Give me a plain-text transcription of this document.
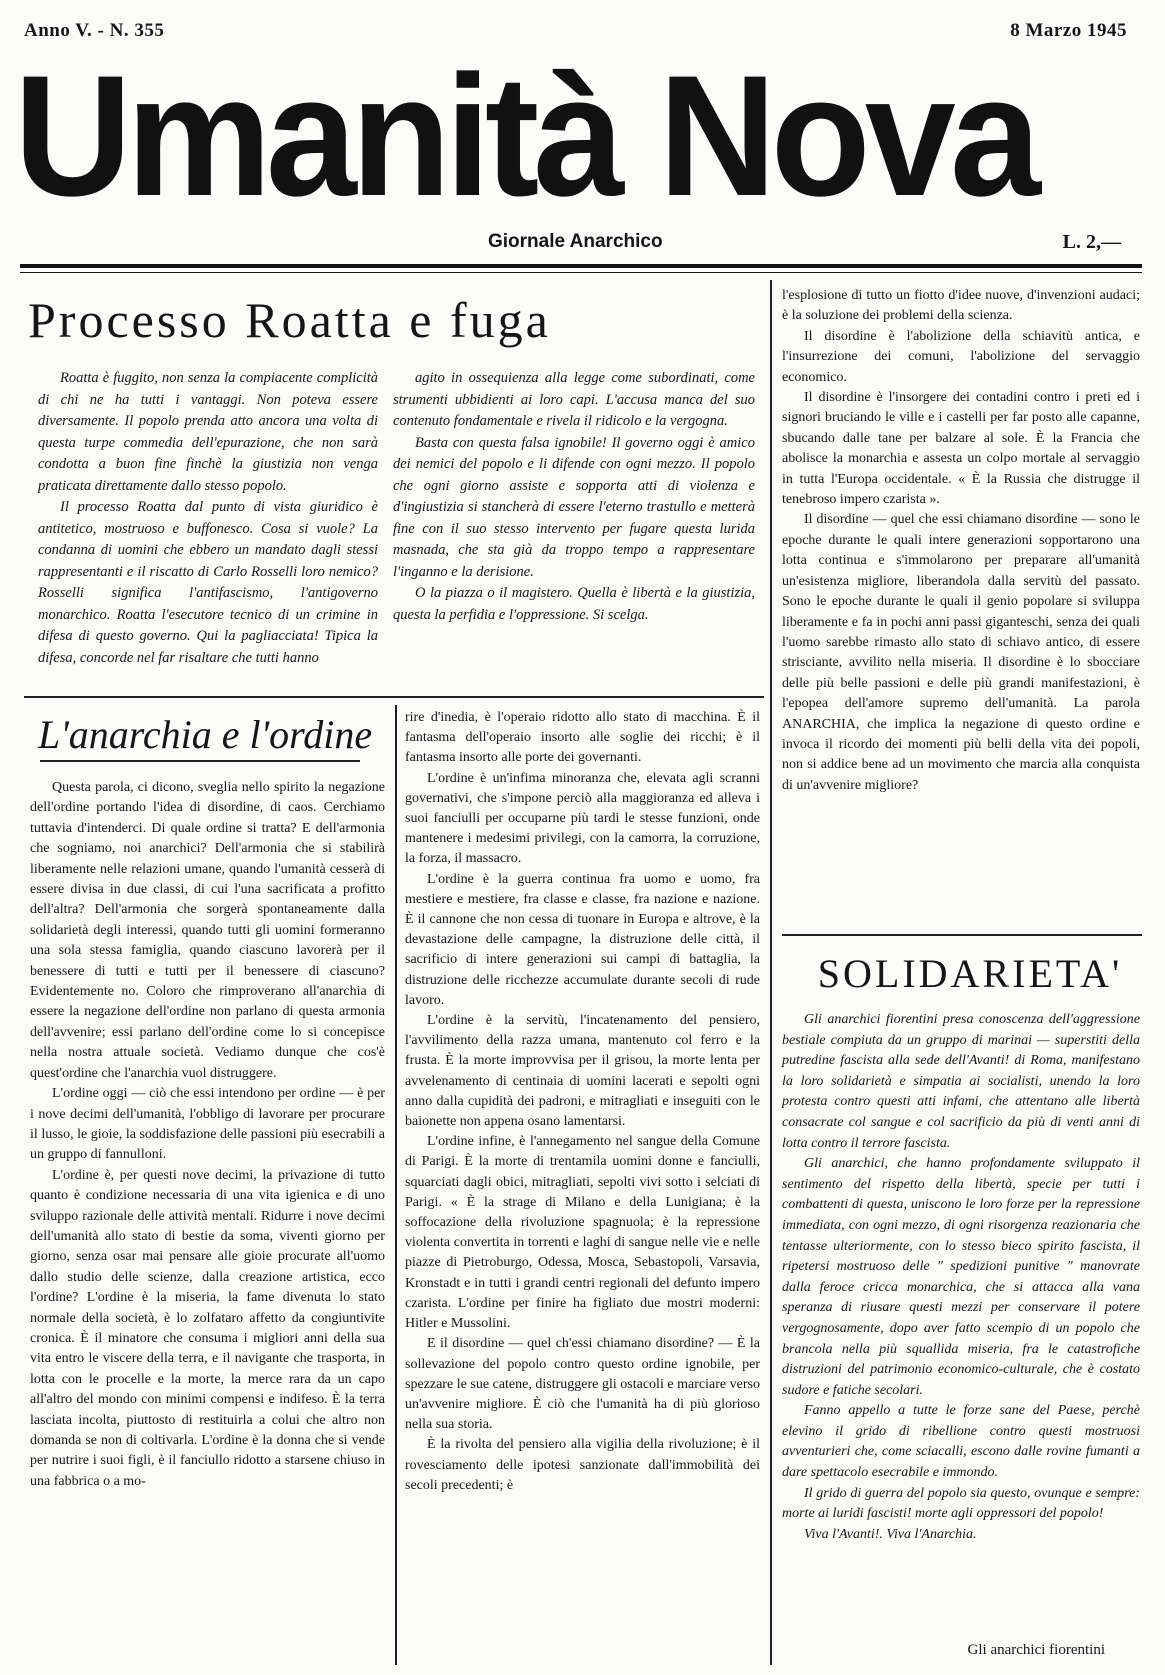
Anno V. - N. 355	8 Marzo 1945
Umanità Nova
Giornale Anarchico	L. 2,—
Processo Roatta e fuga

Roatta è fuggito, non senza la compiacente complicità di chi ne ha tutti i vantaggi. Non poteva essere diversamente. Il popolo prenda atto ancora una volta di questa turpe commedia dell'epurazione, che non sarà condotta a buon fine finchè la giustizia non venga praticata direttamente dallo stesso popolo.

Il processo Roatta dal punto di vista giuridico è antitetico, mostruoso e buffonesco. Cosa si vuole? La condanna di uomini che ebbero un mandato dagli stessi rappresentanti e il riscatto di Carlo Rosselli loro nemico? Rosselli significa l'antifascismo, l'antigoverno monarchico. Roatta l'esecutore tecnico di un crimine in difesa di questo governo. Qui la pagliacciata! Tipica la difesa, concorde nel far risaltare che tutti hanno

agito in ossequienza alla legge come subordinati, come strumenti ubbidienti ai loro capi. L'accusa manca del suo contenuto fondamentale e rivela il ridicolo e la vergogna.

Basta con questa falsa ignobile! Il governo oggi è amico dei nemici del popolo e li difende con ogni mezzo. Il popolo che ogni giorno assiste e sopporta atti di violenza e d'ingiustizia si stancherà di essere l'eterno trastullo e metterà fine con il suo stesso intervento per fugare questa lurida masnada, che sta già da troppo tempo a rappresentare l'inganno e la derisione.

O la piazza o il magistero. Quella è libertà e la giustizia, questa la perfidia e l'oppressione. Si scelga.

L'anarchia e l'ordine

Questa parola, ci dicono, sveglia nello spirito la negazione dell'ordine portando l'idea di disordine, di caos. Cerchiamo tuttavia d'intenderci. Di quale ordine si tratta? E dell'armonia che sogniamo, noi anarchici? Dell'armonia che si stabilirà liberamente nelle relazioni umane, quando l'umanità cesserà di essere divisa in due classi, di cui l'una sacrificata a profitto dell'altra? Dell'armonia che sorgerà spontaneamente dalla solidarietà degli interessi, quando tutti gli uomini formeranno una sola stessa famiglia, quando ciascuno lavorerà per il benessere di tutti e tutti per il benessere di ciascuno? Evidentemente no. Coloro che rimproverano all'anarchia di essere la negazione dell'ordine non parlano di questa armonia dell'avvenire; essi parlano dell'ordine come lo si concepisce nella nostra attuale società. Vediamo dunque che cos'è quest'ordine che l'anarchia vuol distruggere.

L'ordine oggi — ciò che essi intendono per ordine — è per i nove decimi dell'umanità, l'obbligo di lavorare per procurare il lusso, le gioie, la soddisfazione delle passioni più esecrabili a un gruppo di fannulloni.

L'ordine è, per questi nove decimi, la privazione di tutto quanto è condizione necessaria di una vita igienica e di uno sviluppo razionale delle attività mentali. Ridurre i nove decimi dell'umanità allo stato di bestie da soma, viventi giorno per giorno, senza osar mai pensare alle gioie procurate all'uomo dallo studio delle scienze, dalla creazione artistica, ecco l'ordine? L'ordine è la miseria, la fame divenuta lo stato normale della società, è lo zolfataro affetto da congiuntivite cronica. È il minatore che consuma i migliori anni della sua vita entro le viscere della terra, e il navigante che trasporta, in lotta con le procelle e la morte, la merce rara da un capo all'altro del mondo con minimi compensi e indifeso. È la terra lasciata incolta, piuttosto di restituirla a colui che altro non domanda se non di coltivarla. L'ordine è la donna che si vende per nutrire i suoi figli, è il fanciullo ridotto a starsene chiuso in una fabbrica o a mo-

rire d'inedia, è l'operaio ridotto allo stato di macchina. È il fantasma dell'operaio insorto alle soglie dei ricchi; è il fantasma insorto alle porte dei governanti.

L'ordine è un'infima minoranza che, elevata agli scranni governativi, che s'impone perciò alla maggioranza ed alleva i suoi fanciulli per occuparne più tardi le stesse funzioni, onde mantenere i medesimi privilegi, con la camorra, la corruzione, la forza, il massacro.

L'ordine è la guerra continua fra uomo e uomo, fra mestiere e mestiere, fra classe e classe, fra nazione e nazione. È il cannone che non cessa di tuonare in Europa e altrove, è la devastazione delle campagne, la distruzione delle città, il sacrificio di intere generazioni sui campi di battaglia, la distruzione delle ricchezze accumulate durante secoli di rude lavoro.

L'ordine è la servitù, l'incatenamento del pensiero, l'avvilimento della razza umana, mantenuto col ferro e la frusta. È la morte improvvisa per il grisou, la morte lenta per avvelenamento di centinaia di uomini lacerati e sepolti ogni anno dalla cupidità dei padroni, e mitragliati e inseguiti con le baionette non appena osano lamentarsi.

L'ordine infine, è l'annegamento nel sangue della Comune di Parigi. È la morte di trentamila uomini donne e fanciulli, squarciati dagli obici, mitragliati, sepolti vivi sotto i selciati di Parigi. « È la strage di Milano e della Lunigiana; è la soffocazione della rivoluzione spagnuola; è la repressione violenta convertita in torrenti e laghi di sangue nelle vie e nelle piazze di Pietroburgo, Odessa, Mosca, Sebastopoli, Varsavia, Kronstadt e in tutti i grandi centri regionali del defunto impero czarista. L'ordine per finire ha figliato due mostri moderni: Hitler e Mussolini.

E il disordine — quel ch'essi chiamano disordine? — È la sollevazione del popolo contro questo ordine ignobile, per spezzare le sue catene, distruggere gli ostacoli e marciare verso un'avvenire migliore. È ciò che l'umanità ha di più glorioso nella sua storia.

È la rivolta del pensiero alla vigilia della rivoluzione; è il rovesciamento delle ipotesi sanzionate dall'immobilità dei secoli precedenti; è

l'esplosione di tutto un fiotto d'idee nuove, d'invenzioni audaci; è la soluzione dei problemi della scienza.

Il disordine è l'abolizione della schiavitù antica, e l'insurrezione dei comuni, l'abolizione del servaggio economico.

Il disordine è l'insorgere dei contadini contro i preti ed i signori bruciando le ville e i castelli per far posto alle capanne, sbucando dalle tane per balzare al sole. È la Francia che abolisce la monarchia e assesta un colpo mortale al servaggio in tutta l'Europa occidentale. « È la Russia che distrugge il tenebroso impero czarista ».

Il disordine — quel che essi chiamano disordine — sono le epoche durante le quali intere generazioni sopportarono una lotta continua e s'immolarono per preparare all'umanità un'esistenza migliore, liberandola dalla servitù del passato. Sono le epoche durante le quali il genio popolare si sviluppa liberamente e fa in pochi anni passi giganteschi, senza dei quali l'uomo sarebbe rimasto allo stato di schiavo antico, di essere strisciante, avvilito nella miseria. Il disordine è lo sbocciare delle più belle passioni e delle più grandi manifestazioni, è l'epopea dell'amore supremo dell'umanità. La parola ANARCHIA, che implica la negazione di questo ordine e invoca il ricordo dei momenti più belli della vita dei popoli, non si addice bene ad un movimento che marcia alla conquista di un'avvenire migliore?

SOLIDARIETA'

Gli anarchici fiorentini presa conoscenza dell'aggressione bestiale compiuta da un gruppo di marinai — superstiti della putredine fascista alla sede dell'Avanti! di Roma, manifestano la loro solidarietà e simpatia ai socialisti, unendo la loro protesta contro questi atti infami, che attentano alle libertà consacrate col sangue e col sacrificio da più di venti anni di lotta contro il terrore fascista.

Gli anarchici, che hanno profondamente sviluppato il sentimento del rispetto della libertà, specie per tutti i combattenti di questa, uniscono le loro forze per la repressione immediata, con ogni mezzo, di ogni risorgenza reazionaria che tentasse ulteriormente, con lo stesso bieco spirito fascista, il ripetersi mostruoso delle " spedizioni punitive " manovrate dalla feroce cricca monarchica, che si attacca alla vana speranza di riusare questi mezzi per conservare il potere vergognosamente, dopo aver fatto scempio di un popolo che brancola nella più squallida miseria, fra le catastrofiche distruzioni del patrimonio economico-culturale, che è costato sudore e fatiche secolari.

Fanno appello a tutte le forze sane del Paese, perchè elevino il grido di ribellione contro questi mostruosi avventurieri che, come sciacalli, escono dalle rovine fumanti a dare spettacolo esecrabile e immondo.

Il grido di guerra del popolo sia questo, ovunque e sempre: morte ai luridi fascisti! morte agli oppressori del popolo!

Viva l'Avanti!. Viva l'Anarchia.

Gli anarchici fiorentini
